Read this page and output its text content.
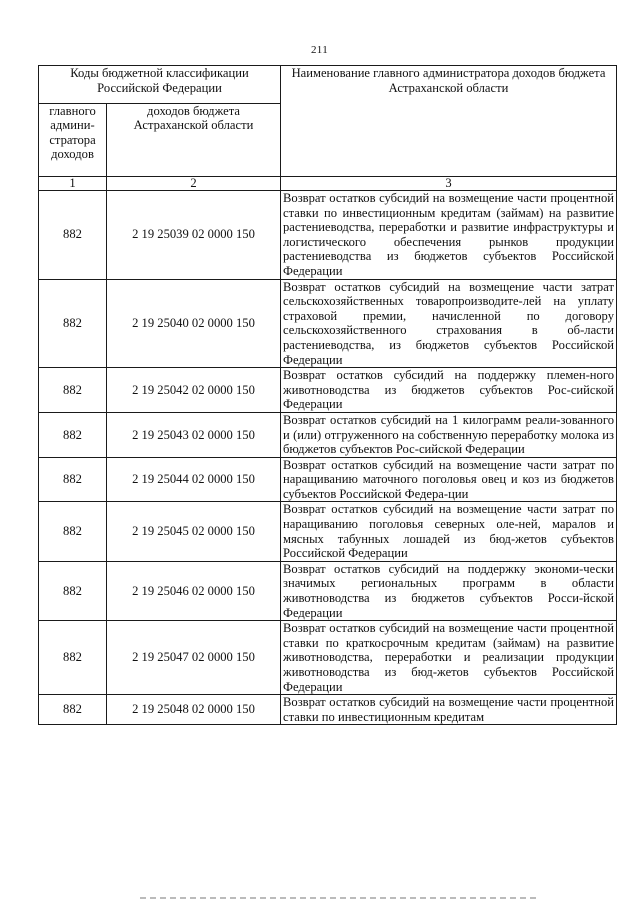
211
Коды бюджетной классификации Российской Федерации		Наименование главного администратора доходов бюджета Астраханской области
главного админи-стратора доходов	доходов бюджета Астраханской области	
1	2	3
882	2 19 25039 02 0000 150	Возврат остатков субсидий на возмещение части процентной ставки по инвестиционным кредитам (займам) на развитие растениеводства, переработки и развитие инфраструктуры и логистического обеспечения рынков продукции растениеводства из бюджетов субъектов Российской Федерации
882	2 19 25040 02 0000 150	Возврат остатков субсидий на возмещение части затрат сельскохозяйственных товаропроизводите-лей на уплату страховой премии, начисленной по договору сельскохозяйственного страхования в об-ласти растениеводства, из бюджетов субъектов Российской Федерации
882	2 19 25042 02 0000 150	Возврат остатков субсидий на поддержку племен-ного животноводства из бюджетов субъектов Рос-сийской Федерации
882	2 19 25043 02 0000 150	Возврат остатков субсидий на 1 килограмм реали-зованного и (или) отгруженного на собственную переработку молока из бюджетов субъектов Рос-сийской Федерации
882	2 19 25044 02 0000 150	Возврат остатков субсидий на возмещение части затрат по наращиванию маточного поголовья овец и коз из бюджетов субъектов Российской Федера-ции
882	2 19 25045 02 0000 150	Возврат остатков субсидий на возмещение части затрат по наращиванию поголовья северных оле-ней, маралов и мясных табунных лошадей из бюд-жетов субъектов Российской Федерации
882	2 19 25046 02 0000 150	Возврат остатков субсидий на поддержку экономи-чески значимых региональных программ в области животноводства из бюджетов субъектов Росси-йской Федерации
882	2 19 25047 02 0000 150	Возврат остатков субсидий на возмещение части процентной ставки по краткосрочным кредитам (займам) на развитие животноводства, переработки и реализации продукции животноводства из бюд-жетов субъектов Российской Федерации
882	2 19 25048 02 0000 150	Возврат остатков субсидий на возмещение части процентной ставки по инвестиционным кредитам
